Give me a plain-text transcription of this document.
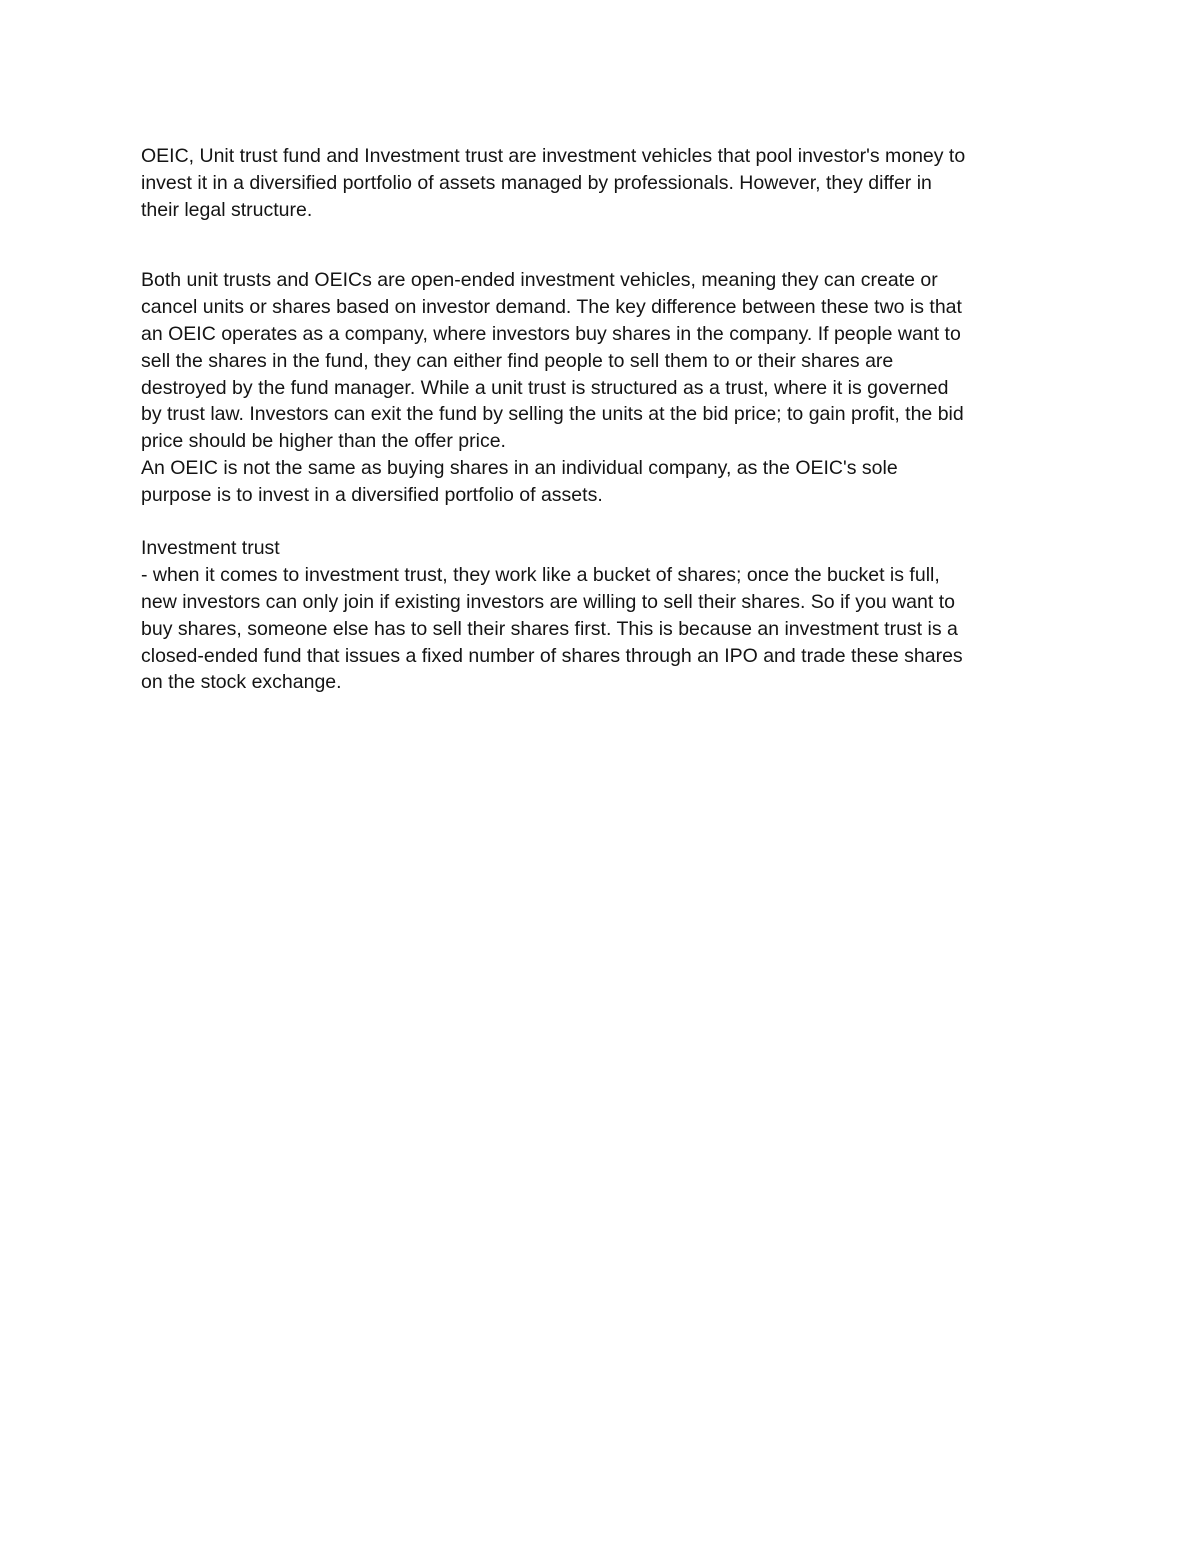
OEIC, Unit trust fund and Investment trust are investment vehicles that pool investor's money to
invest it in a diversified portfolio of assets managed by professionals. However, they differ in
their legal structure.

Both unit trusts and OEICs are open-ended investment vehicles, meaning they can create or
cancel units or shares based on investor demand. The key difference between these two is that
an OEIC operates as a company, where investors buy shares in the company. If people want to
sell the shares in the fund, they can either find people to sell them to or their shares are
destroyed by the fund manager. While a unit trust is structured as a trust, where it is governed
by trust law. Investors can exit the fund by selling the units at the bid price; to gain profit, the bid
price should be higher than the offer price.

An OEIC is not the same as buying shares in an individual company, as the OEIC's sole
purpose is to invest in a diversified portfolio of assets.

Investment trust

- when it comes to investment trust, they work like a bucket of shares; once the bucket is full,
new investors can only join if existing investors are willing to sell their shares. So if you want to
buy shares, someone else has to sell their shares first. This is because an investment trust is a
closed-ended fund that issues a fixed number of shares through an IPO and trade these shares
on the stock exchange.
